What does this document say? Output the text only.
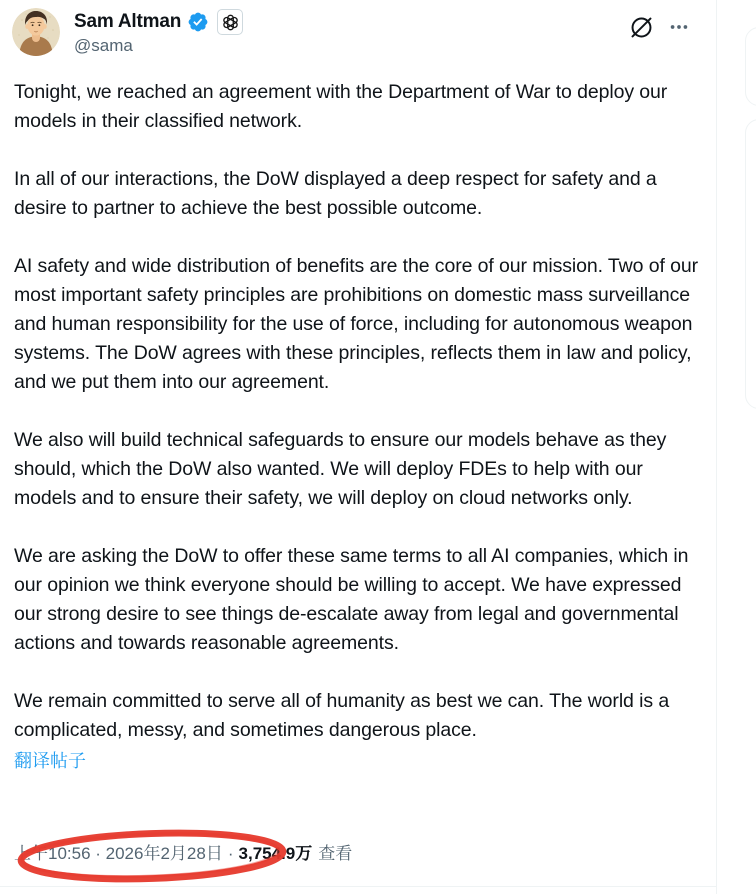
Sam Altman
@sama

Tonight, we reached an agreement with the Department of War to deploy our models in their classified network.

In all of our interactions, the DoW displayed a deep respect for safety and a desire to partner to achieve the best possible outcome.

AI safety and wide distribution of benefits are the core of our mission. Two of our most important safety principles are prohibitions on domestic mass surveillance and human responsibility for the use of force, including for autonomous weapon systems. The DoW agrees with these principles, reflects them in law and policy, and we put them into our agreement.

We also will build technical safeguards to ensure our models behave as they should, which the DoW also wanted. We will deploy FDEs to help with our models and to ensure their safety, we will deploy on cloud networks only.

We are asking the DoW to offer these same terms to all AI companies, which in our opinion we think everyone should be willing to accept. We have expressed our strong desire to see things de-escalate away from legal and governmental actions and towards reasonable agreements.

We remain committed to serve all of humanity as best we can. The world is a complicated, messy, and sometimes dangerous place.

翻译帖子
上午10:56 · 2026年2月28日 · 3,754.9万 查看
